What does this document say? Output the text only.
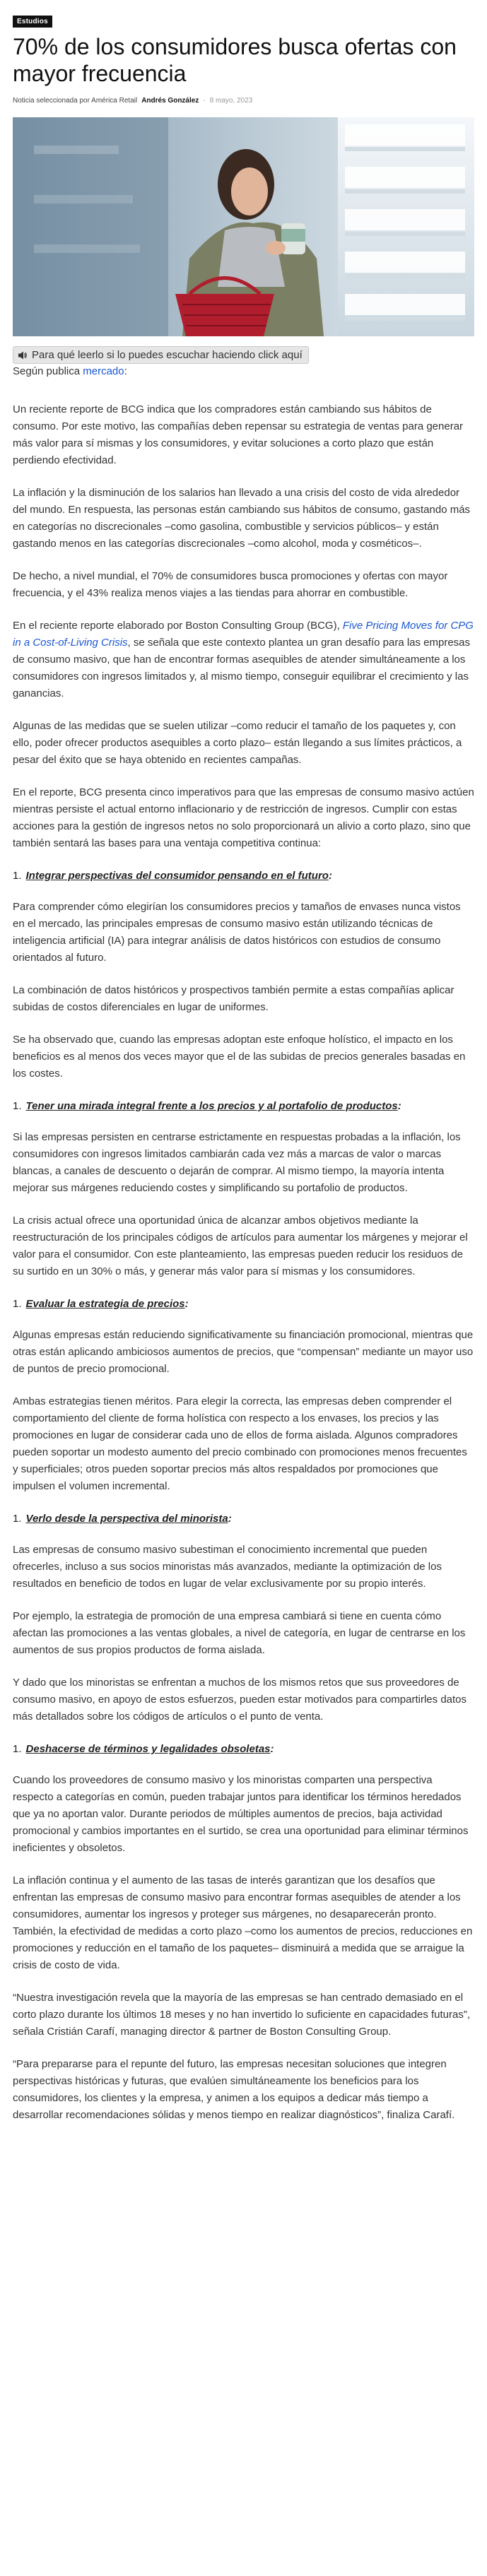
Estudios
70% de los consumidores busca ofertas con mayor frecuencia
Noticia seleccionada por América Retail Andrés González - 8 mayo, 2023
Para qué leerlo si lo puedes escuchar haciendo click aquí
Según publica mercado:

Un reciente reporte de BCG indica que los compradores están cambiando sus hábitos de consumo. Por este motivo, las compañías deben repensar su estrategia de ventas para generar más valor para sí mismas y los consumidores, y evitar soluciones a corto plazo que están perdiendo efectividad.

La inflación y la disminución de los salarios han llevado a una crisis del costo de vida alrededor del mundo. En respuesta, las personas están cambiando sus hábitos de consumo, gastando más en categorías no discrecionales –como gasolina, combustible y servicios públicos– y están gastando menos en las categorías discrecionales –como alcohol, moda y cosméticos–.

De hecho, a nivel mundial, el 70% de consumidores busca promociones y ofertas con mayor frecuencia, y el 43% realiza menos viajes a las tiendas para ahorrar en combustible.

En el reciente reporte elaborado por Boston Consulting Group (BCG), Five Pricing Moves for CPG in a Cost-of-Living Crisis, se señala que este contexto plantea un gran desafío para las empresas de consumo masivo, que han de encontrar formas asequibles de atender simultáneamente a los consumidores con ingresos limitados y, al mismo tiempo, conseguir equilibrar el crecimiento y las ganancias.

Algunas de las medidas que se suelen utilizar –como reducir el tamaño de los paquetes y, con ello, poder ofrecer productos asequibles a corto plazo– están llegando a sus límites prácticos, a pesar del éxito que se haya obtenido en recientes campañas.

En el reporte, BCG presenta cinco imperativos para que las empresas de consumo masivo actúen mientras persiste el actual entorno inflacionario y de restricción de ingresos. Cumplir con estas acciones para la gestión de ingresos netos no solo proporcionará un alivio a corto plazo, sino que también sentará las bases para una ventaja competitiva continua:

1. Integrar perspectivas del consumidor pensando en el futuro:

Para comprender cómo elegirían los consumidores precios y tamaños de envases nunca vistos en el mercado, las principales empresas de consumo masivo están utilizando técnicas de inteligencia artificial (IA) para integrar análisis de datos históricos con estudios de consumo orientados al futuro.

La combinación de datos históricos y prospectivos también permite a estas compañías aplicar subidas de costos diferenciales en lugar de uniformes.

Se ha observado que, cuando las empresas adoptan este enfoque holístico, el impacto en los beneficios es al menos dos veces mayor que el de las subidas de precios generales basadas en los costes.

1. Tener una mirada integral frente a los precios y al portafolio de productos:

Si las empresas persisten en centrarse estrictamente en respuestas probadas a la inflación, los consumidores con ingresos limitados cambiarán cada vez más a marcas de valor o marcas blancas, a canales de descuento o dejarán de comprar. Al mismo tiempo, la mayoría intenta mejorar sus márgenes reduciendo costes y simplificando su portafolio de productos.

La crisis actual ofrece una oportunidad única de alcanzar ambos objetivos mediante la reestructuración de los principales códigos de artículos para aumentar los márgenes y mejorar el valor para el consumidor. Con este planteamiento, las empresas pueden reducir los residuos de su surtido en un 30% o más, y generar más valor para sí mismas y los consumidores.

1. Evaluar la estrategia de precios:

Algunas empresas están reduciendo significativamente su financiación promocional, mientras que otras están aplicando ambiciosos aumentos de precios, que “compensan” mediante un mayor uso de puntos de precio promocional.

Ambas estrategias tienen méritos. Para elegir la correcta, las empresas deben comprender el comportamiento del cliente de forma holística con respecto a los envases, los precios y las promociones en lugar de considerar cada uno de ellos de forma aislada. Algunos compradores pueden soportar un modesto aumento del precio combinado con promociones menos frecuentes y superficiales; otros pueden soportar precios más altos respaldados por promociones que impulsen el volumen incremental.

1. Verlo desde la perspectiva del minorista:

Las empresas de consumo masivo subestiman el conocimiento incremental que pueden ofrecerles, incluso a sus socios minoristas más avanzados, mediante la optimización de los resultados en beneficio de todos en lugar de velar exclusivamente por su propio interés.

Por ejemplo, la estrategia de promoción de una empresa cambiará si tiene en cuenta cómo afectan las promociones a las ventas globales, a nivel de categoría, en lugar de centrarse en los aumentos de sus propios productos de forma aislada.

Y dado que los minoristas se enfrentan a muchos de los mismos retos que sus proveedores de consumo masivo, en apoyo de estos esfuerzos, pueden estar motivados para compartirles datos más detallados sobre los códigos de artículos o el punto de venta.

1. Deshacerse de términos y legalidades obsoletas:

Cuando los proveedores de consumo masivo y los minoristas comparten una perspectiva respecto a categorías en común, pueden trabajar juntos para identificar los términos heredados que ya no aportan valor. Durante periodos de múltiples aumentos de precios, baja actividad promocional y cambios importantes en el surtido, se crea una oportunidad para eliminar términos ineficientes y obsoletos.

La inflación continua y el aumento de las tasas de interés garantizan que los desafíos que enfrentan las empresas de consumo masivo para encontrar formas asequibles de atender a los consumidores, aumentar los ingresos y proteger sus márgenes, no desaparecerán pronto. También, la efectividad de medidas a corto plazo –como los aumentos de precios, reducciones en promociones y reducción en el tamaño de los paquetes– disminuirá a medida que se arraigue la crisis de costo de vida.

“Nuestra investigación revela que la mayoría de las empresas se han centrado demasiado en el corto plazo durante los últimos 18 meses y no han invertido lo suficiente en capacidades futuras”, señala Cristián Carafí, managing director & partner de Boston Consulting Group.

“Para prepararse para el repunte del futuro, las empresas necesitan soluciones que integren perspectivas históricas y futuras, que evalúen simultáneamente los beneficios para los consumidores, los clientes y la empresa, y animen a los equipos a dedicar más tiempo a desarrollar recomendaciones sólidas y menos tiempo en realizar diagnósticos”, finaliza Carafí.
